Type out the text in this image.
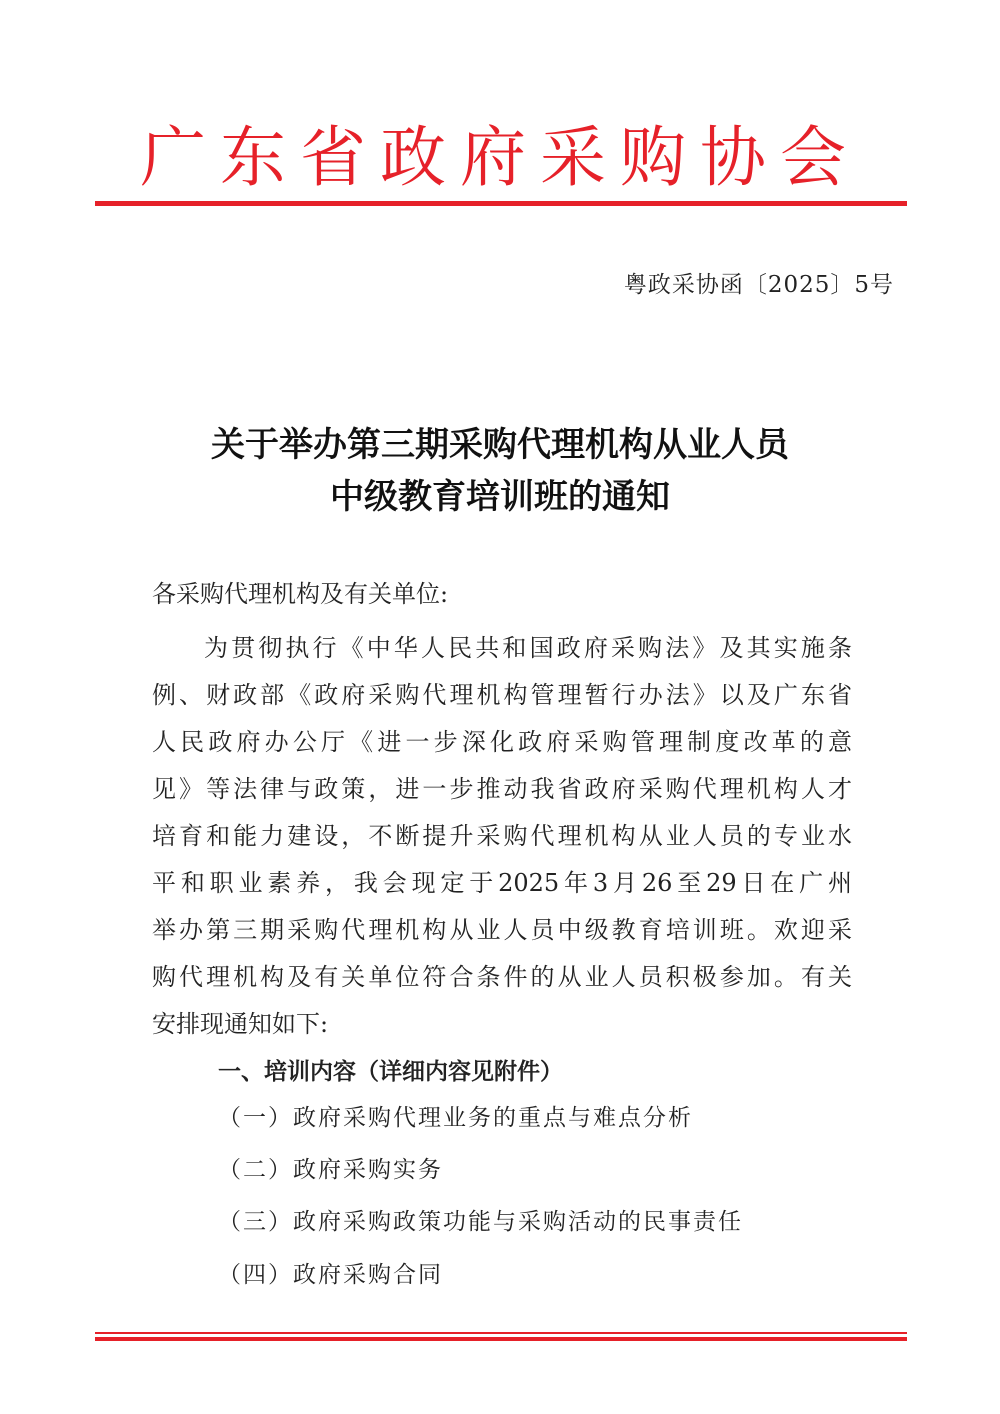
广东省政府采购协会
粤政采协函〔2025〕5号
关于举办第三期采购代理机构从业人员
中级教育培训班的通知
各采购代理机构及有关单位:
为贯彻执行《中华人民共和国政府采购法》及其实施条
例、财政部《政府采购代理机构管理暂行办法》以及广东省
人民政府办公厅《进一步深化政府采购管理制度改革的意
见》等法律与政策，进一步推动我省政府采购代理机构人才
培育和能力建设，不断提升采购代理机构从业人员的专业水
平和职业素养，我会现定于2025年3月26至29日在广州
举办第三期采购代理机构从业人员中级教育培训班。欢迎采
购代理机构及有关单位符合条件的从业人员积极参加。有关
安排现通知如下:
一、培训内容（详细内容见附件）
（一）政府采购代理业务的重点与难点分析
（二）政府采购实务
（三）政府采购政策功能与采购活动的民事责任
（四）政府采购合同
